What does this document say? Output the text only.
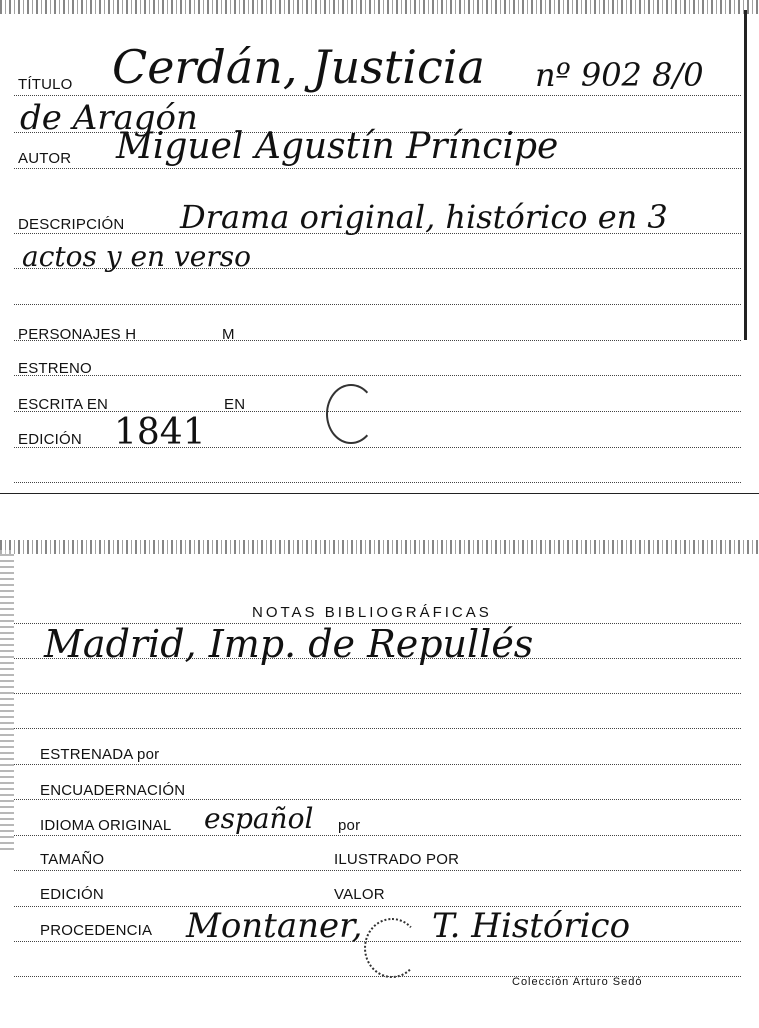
TÍTULO Cerdán, Justicia nº 902 8/0
de Aragón
AUTOR Miguel Agustín Príncipe
DESCRIPCIÓN Drama original, histórico en 3
actos y en verso
PERSONAJES H	M
ESTRENO
ESCRITA EN	EN
EDICIÓN 1841
NOTAS BIBLIOGRÁFICAS
Madrid, Imp. de Repullés
ESTRENADA por
ENCUADERNACIÓN
IDIOMA ORIGINAL español por
TAMAÑO	ILUSTRADO POR
EDICIÓN	VALOR
PROCEDENCIA Montaner, T. Histórico
Colección Arturo Sedó
